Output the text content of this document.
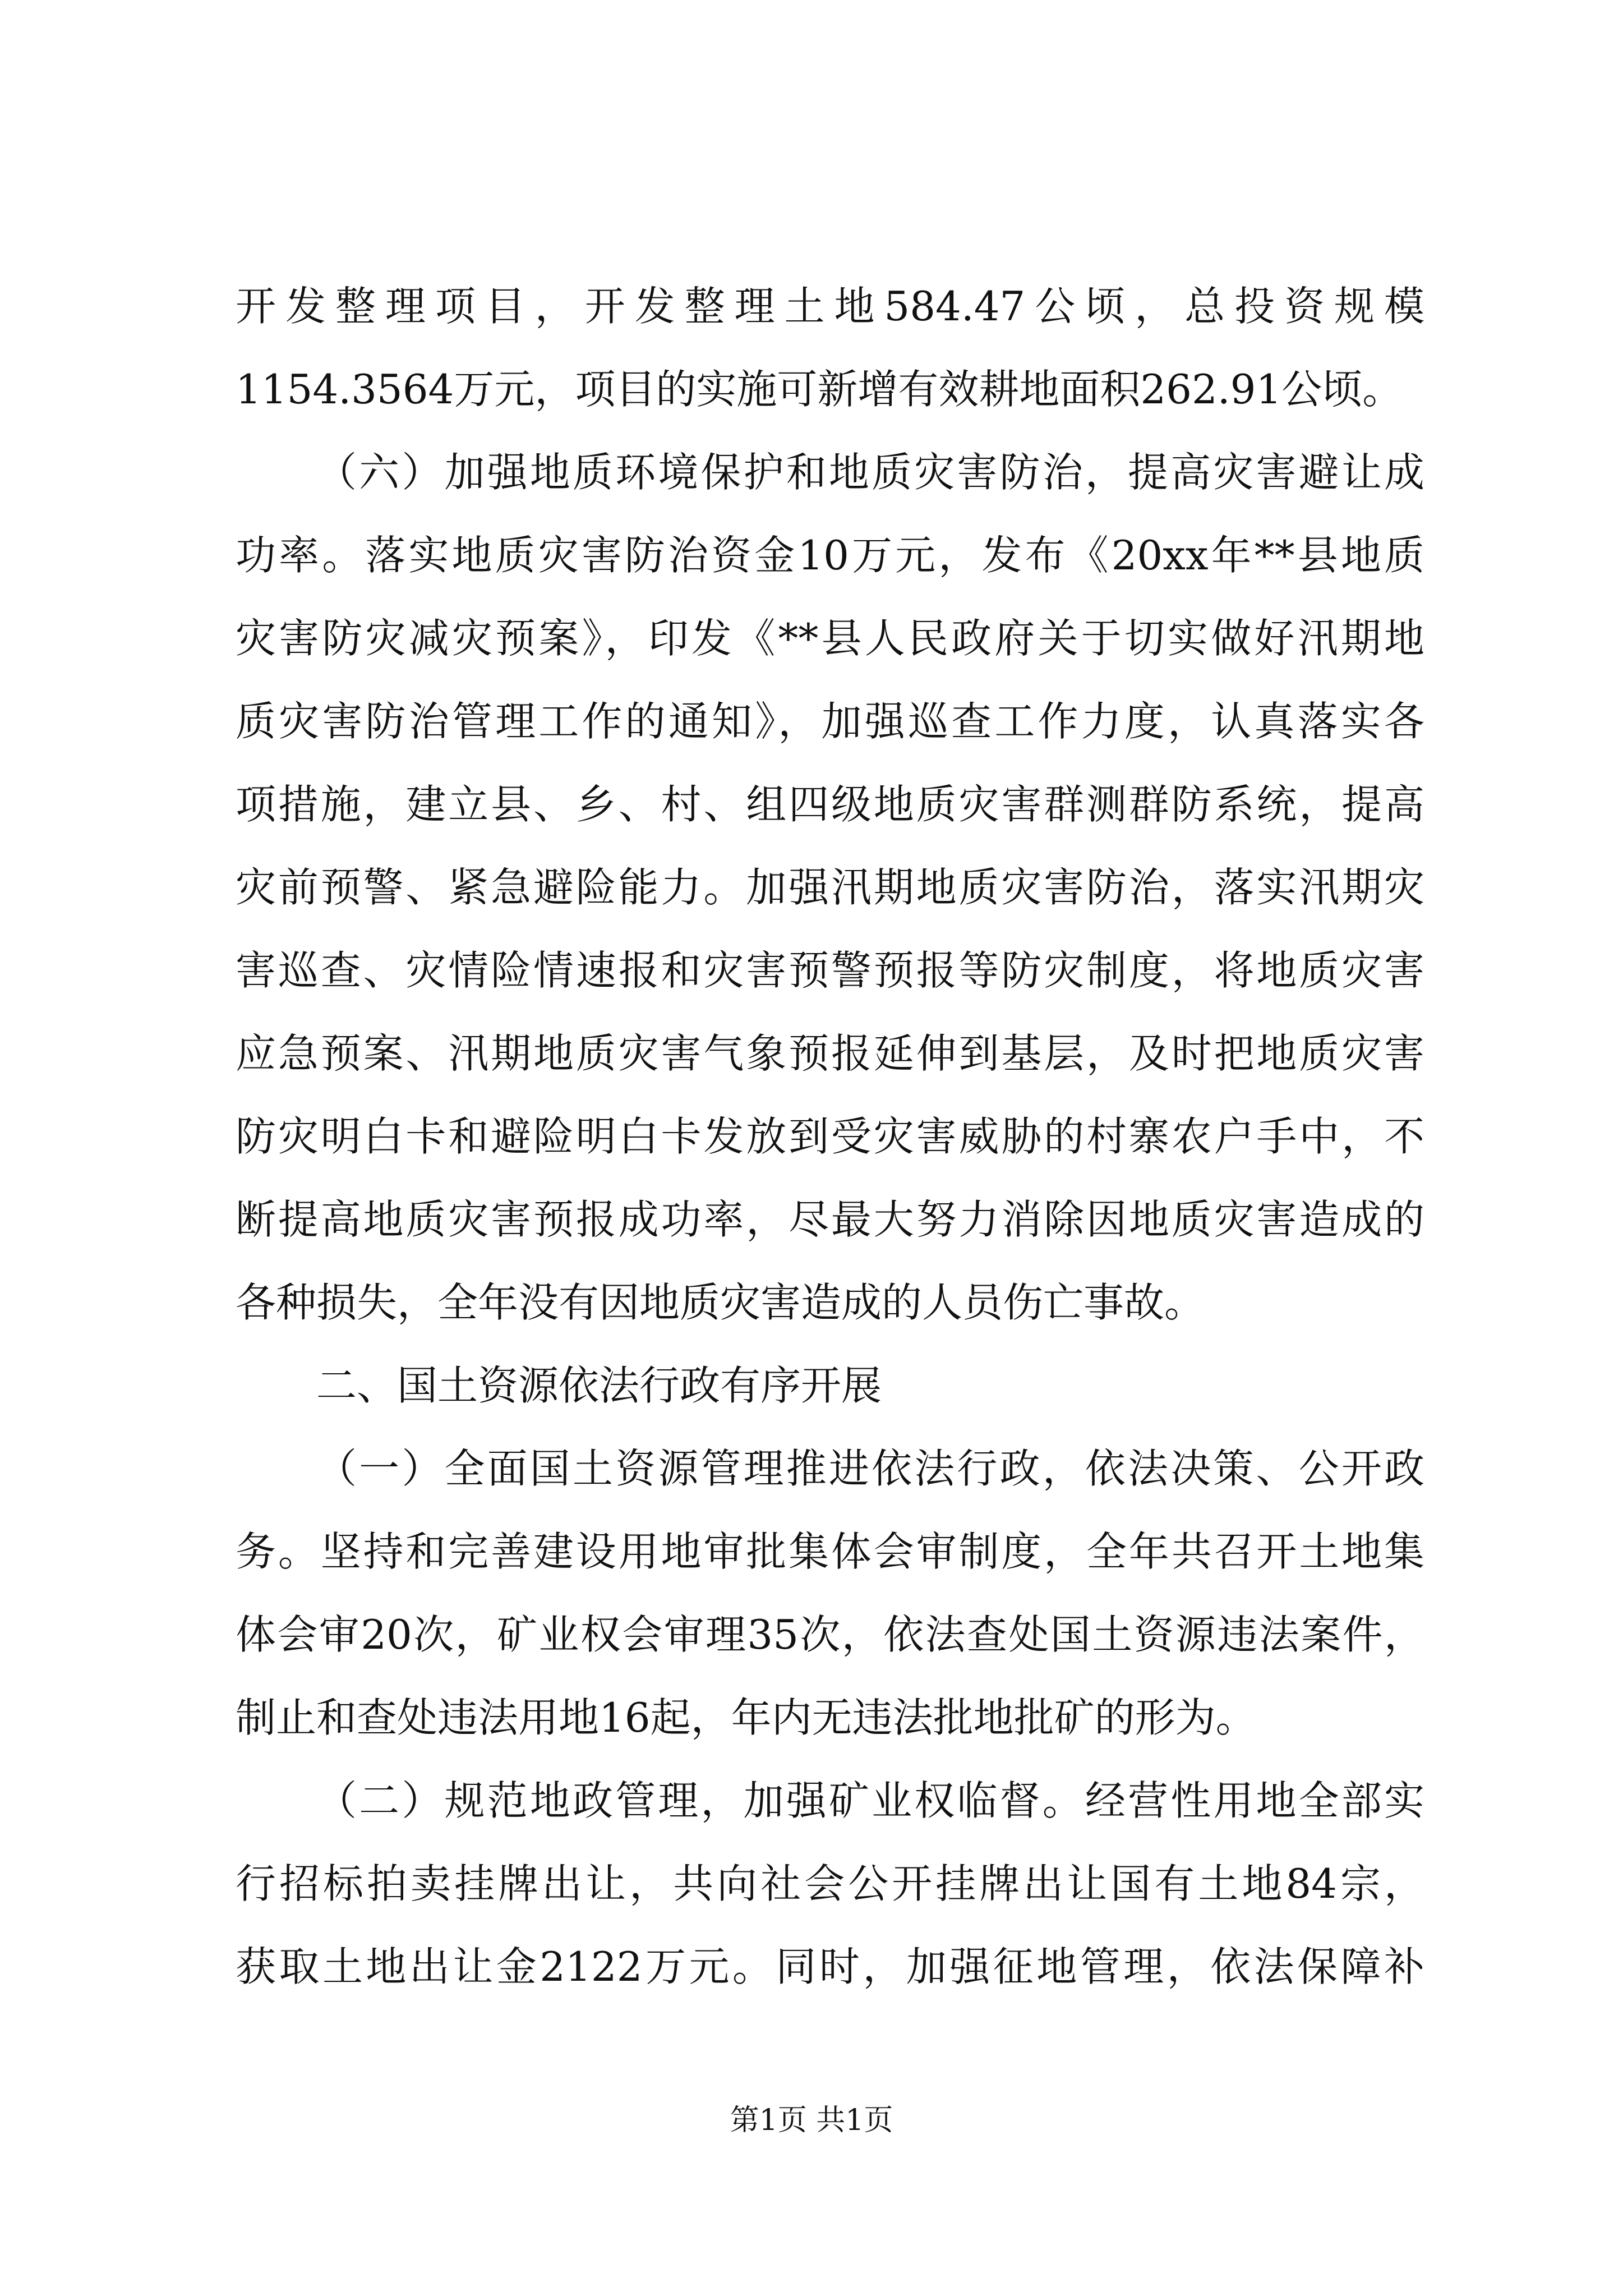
开发整理项目，开发整理土地584.47公顷，总投资规模
1154.3564万元，项目的实施可新增有效耕地面积262.91公顷。
（六）加强地质环境保护和地质灾害防治，提高灾害避让成
功率。落实地质灾害防治资金10万元，发布《20xx年**县地质
灾害防灾减灾预案》，印发《**县人民政府关于切实做好汛期地
质灾害防治管理工作的通知》，加强巡查工作力度，认真落实各
项措施，建立县、乡、村、组四级地质灾害群测群防系统，提高
灾前预警、紧急避险能力。加强汛期地质灾害防治，落实汛期灾
害巡查、灾情险情速报和灾害预警预报等防灾制度，将地质灾害
应急预案、汛期地质灾害气象预报延伸到基层，及时把地质灾害
防灾明白卡和避险明白卡发放到受灾害威胁的村寨农户手中，不
断提高地质灾害预报成功率，尽最大努力消除因地质灾害造成的
各种损失，全年没有因地质灾害造成的人员伤亡事故。
二、国土资源依法行政有序开展
（一）全面国土资源管理推进依法行政，依法决策、公开政
务。坚持和完善建设用地审批集体会审制度，全年共召开土地集
体会审20次，矿业权会审理35次，依法查处国土资源违法案件，
制止和查处违法用地16起，年内无违法批地批矿的形为。
（二）规范地政管理，加强矿业权临督。经营性用地全部实
行招标拍卖挂牌出让，共向社会公开挂牌出让国有土地84宗，
获取土地出让金2122万元。同时，加强征地管理，依法保障补
第1页 共1页
